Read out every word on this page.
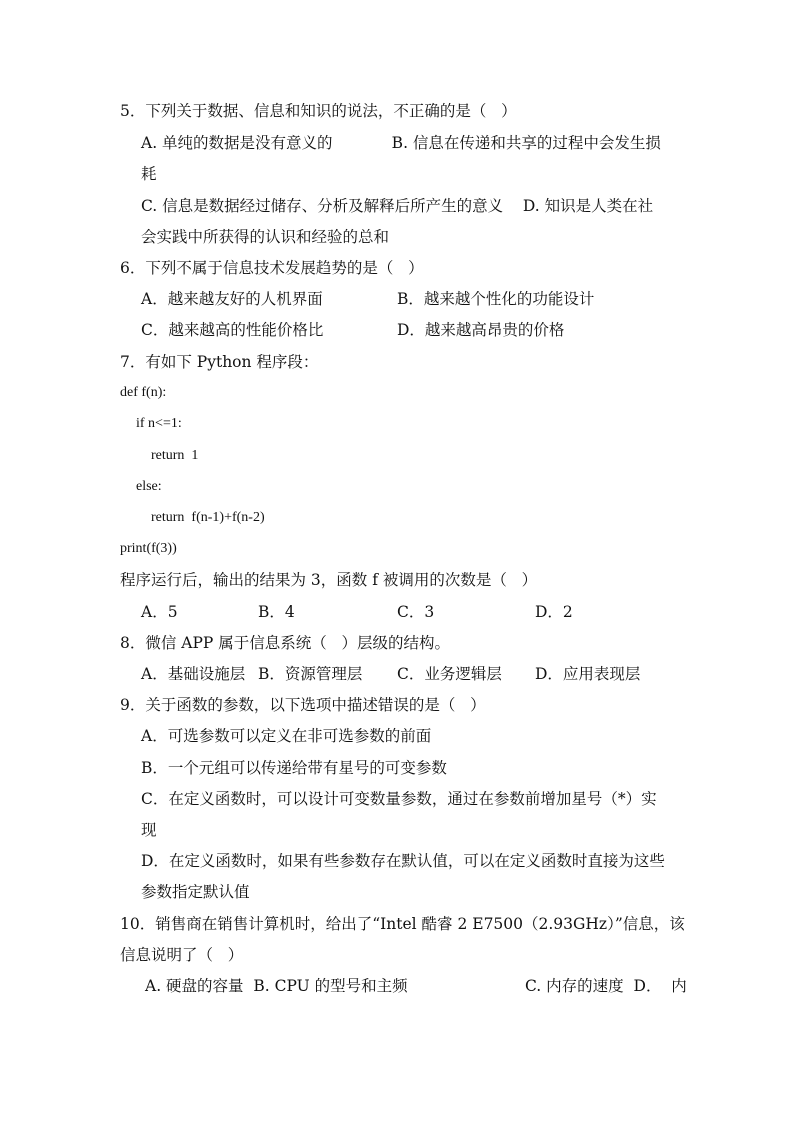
5．下列关于数据、信息和知识的说法，不正确的是（   ）
A. 单纯的数据是没有意义的            B. 信息在传递和共享的过程中会发生损
耗
C. 信息是数据经过储存、分析及解释后所产生的意义    D. 知识是人类在社
会实践中所获得的认识和经验的总和
6．下列不属于信息技术发展趋势的是（   ）
A．越来越友好的人机界面	B．越来越个性化的功能设计
C．越来越高的性能价格比	D．越来越高昂贵的价格
7．有如下 Python 程序段：
def f(n):
if n<=1:
return  1
else:
return  f(n-1)+f(n-2)
print(f(3))
程序运行后，输出的结果为 3，函数 f 被调用的次数是（   ）
A．5	B．4	C．3	D．2
8．微信 APP 属于信息系统（   ）层级的结构。
A．基础设施层 B．资源管理层 C．业务逻辑层 D．应用表现层
9．关于函数的参数，以下选项中描述错误的是（   ）
A．可选参数可以定义在非可选参数的前面
B．一个元组可以传递给带有星号的可变参数
C．在定义函数时，可以设计可变数量参数，通过在参数前增加星号（*）实
现
D．在定义函数时，如果有些参数存在默认值，可以在定义函数时直接为这些
参数指定默认值
10．销售商在销售计算机时，给出了“Intel 酷睿 2 E7500（2.93GHz）”信息，该
信息说明了（   ）
A. 硬盘的容量  B. CPU 的型号和主频	C. 内存的速度  D．  内
